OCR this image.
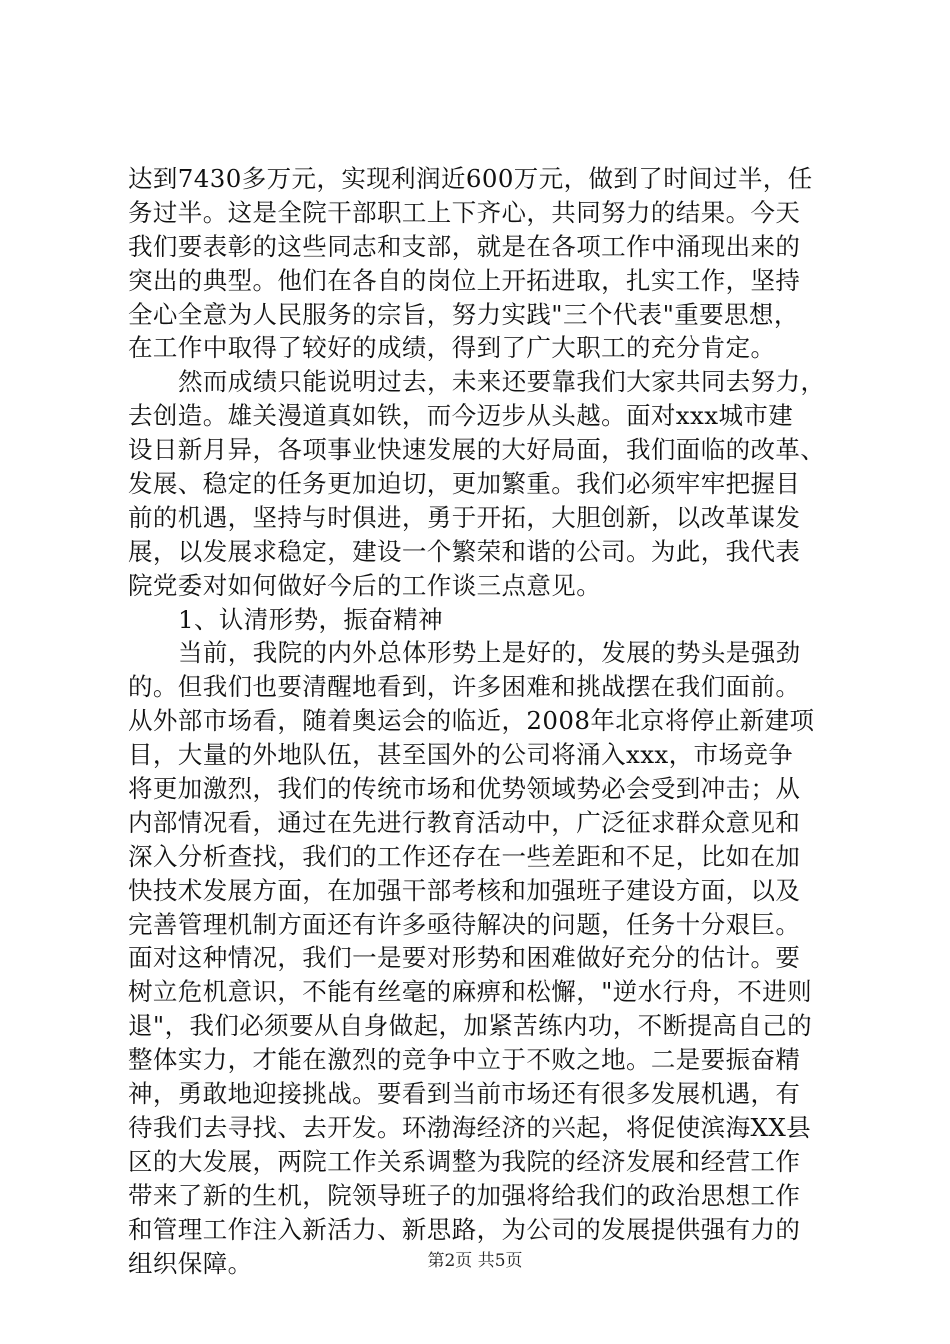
达到7430多万元，实现利润近600万元，做到了时间过半，任
务过半。这是全院干部职工上下齐心，共同努力的结果。今天
我们要表彰的这些同志和支部，就是在各项工作中涌现出来的
突出的典型。他们在各自的岗位上开拓进取，扎实工作，坚持
全心全意为人民服务的宗旨，努力实践"三个代表"重要思想，
在工作中取得了较好的成绩，得到了广大职工的充分肯定。
然而成绩只能说明过去，未来还要靠我们大家共同去努力，
去创造。雄关漫道真如铁，而今迈步从头越。面对xxx城市建
设日新月异，各项事业快速发展的大好局面，我们面临的改革、
发展、稳定的任务更加迫切，更加繁重。我们必须牢牢把握目
前的机遇，坚持与时俱进，勇于开拓，大胆创新，以改革谋发
展，以发展求稳定，建设一个繁荣和谐的公司。为此，我代表
院党委对如何做好今后的工作谈三点意见。
1、认清形势，振奋精神
当前，我院的内外总体形势上是好的，发展的势头是强劲
的。但我们也要清醒地看到，许多困难和挑战摆在我们面前。
从外部市场看，随着奥运会的临近，2008年北京将停止新建项
目，大量的外地队伍，甚至国外的公司将涌入xxx，市场竞争
将更加激烈，我们的传统市场和优势领域势必会受到冲击；从
内部情况看，通过在先进行教育活动中，广泛征求群众意见和
深入分析查找，我们的工作还存在一些差距和不足，比如在加
快技术发展方面，在加强干部考核和加强班子建设方面，以及
完善管理机制方面还有许多亟待解决的问题，任务十分艰巨。
面对这种情况，我们一是要对形势和困难做好充分的估计。要
树立危机意识，不能有丝毫的麻痹和松懈，"逆水行舟，不进则
退"，我们必须要从自身做起，加紧苦练内功，不断提高自己的
整体实力，才能在激烈的竞争中立于不败之地。二是要振奋精
神，勇敢地迎接挑战。要看到当前市场还有很多发展机遇，有
待我们去寻找、去开发。环渤海经济的兴起，将促使滨海XX县
区的大发展，两院工作关系调整为我院的经济发展和经营工作
带来了新的生机，院领导班子的加强将给我们的政治思想工作
和管理工作注入新活力、新思路，为公司的发展提供强有力的
组织保障。	第2页 共5页
